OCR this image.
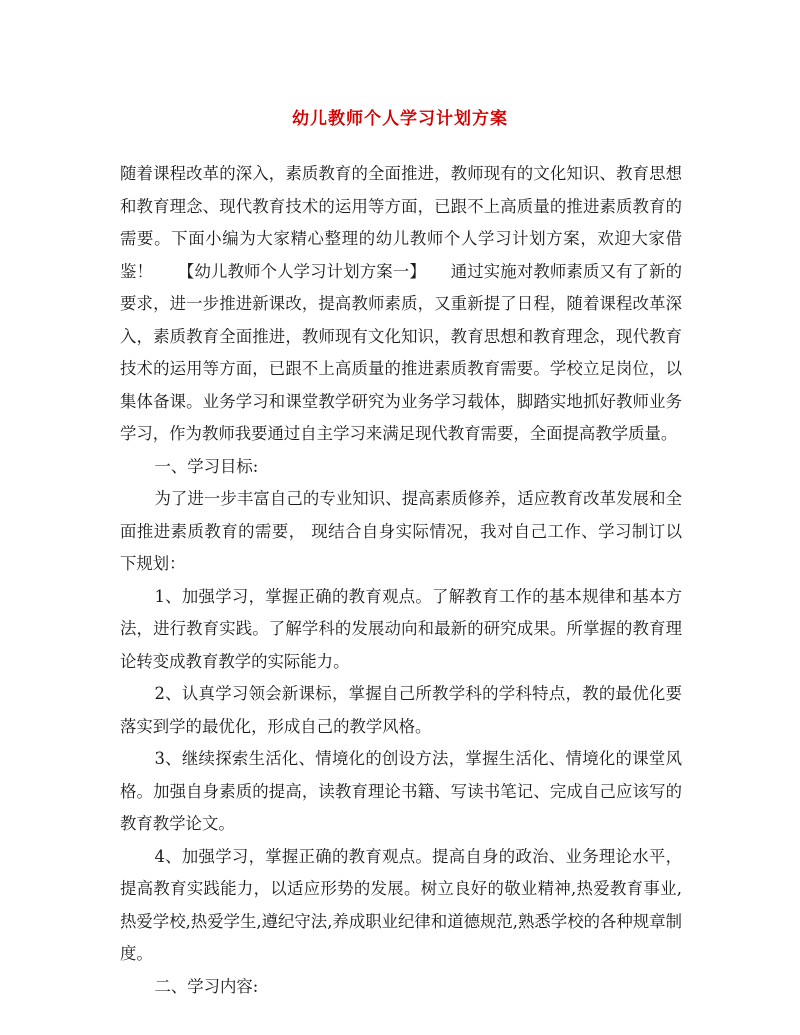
幼儿教师个人学习计划方案

随着课程改革的深入，素质教育的全面推进，教师现有的文化知识、教育思想和教育理念、现代教育技术的运用等方面，已跟不上高质量的推进素质教育的需要。下面小编为大家精心整理的幼儿教师个人学习计划方案，欢迎大家借鉴！　　【幼儿教师个人学习计划方案一】　　通过实施对教师素质又有了新的要求，进一步推进新课改，提高教师素质，又重新提了日程，随着课程改革深入，素质教育全面推进，教师现有文化知识，教育思想和教育理念，现代教育技术的运用等方面，已跟不上高质量的推进素质教育需要。学校立足岗位，以集体备课。业务学习和课堂教学研究为业务学习载体，脚踏实地抓好教师业务学习，作为教师我要通过自主学习来满足现代教育需要，全面提高教学质量。

一、学习目标:

为了进一步丰富自己的专业知识、提高素质修养，适应教育改革发展和全面推进素质教育的需要， 现结合自身实际情况，我对自己工作、学习制订以下规划：

1、加强学习，掌握正确的教育观点。了解教育工作的基本规律和基本方法，进行教育实践。了解学科的发展动向和最新的研究成果。所掌握的教育理论转变成教育教学的实际能力。

2、认真学习领会新课标，掌握自己所教学科的学科特点，教的最优化要落实到学的最优化，形成自己的教学风格。

3、继续探索生活化、情境化的创设方法，掌握生活化、情境化的课堂风格。加强自身素质的提高，读教育理论书籍、写读书笔记、完成自己应该写的教育教学论文。

4、加强学习，掌握正确的教育观点。提高自身的政治、业务理论水平，提高教育实践能力，以适应形势的发展。树立良好的敬业精神,热爱教育事业,热爱学校,热爱学生,遵纪守法,养成职业纪律和道德规范,熟悉学校的各种规章制度。

二、学习内容:
